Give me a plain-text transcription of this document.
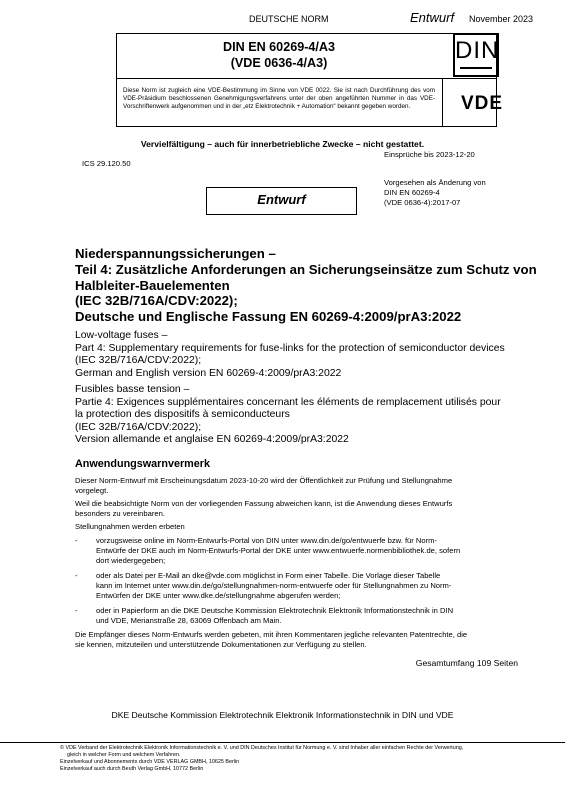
DEUTSCHE NORM	Entwurf November 2023
DIN EN 60269-4/A3
(VDE 0636-4/A3)	DIN
Diese Norm ist zugleich eine VDE-Bestimmung im Sinne von VDE 0022. Sie ist nach Durchführung des vom VDE-Präsidium beschlossenen Genehmigungsverfahrens unter der oben angeführten Nummer in das VDE-Vorschriftenwerk aufgenommen und in der „etz Elektrotechnik + Automation“ bekannt gegeben worden.	VDE
Vervielfältigung – auch für innerbetriebliche Zwecke – nicht gestattet.
ICS 29.120.50
Einsprüche bis 2023-12-20
Vorgesehen als Änderung von
DIN EN 60269-4
(VDE 0636-4):2017-07
Entwurf
Niederspannungssicherungen –
Teil 4: Zusätzliche Anforderungen an Sicherungseinsätze zum Schutz von
Halbleiter-Bauelementen
(IEC 32B/716A/CDV:2022);
Deutsche und Englische Fassung EN 60269-4:2009/prA3:2022
Low-voltage fuses –
Part 4: Supplementary requirements for fuse-links for the protection of semiconductor devices
(IEC 32B/716A/CDV:2022);
German and English version EN 60269-4:2009/prA3:2022
Fusibles basse tension –
Partie 4: Exigences supplémentaires concernant les éléments de remplacement utilisés pour
la protection des dispositifs à semiconducteurs
(IEC 32B/716A/CDV:2022);
Version allemande et anglaise EN 60269-4:2009/prA3:2022
Anwendungswarnvermerk
Dieser Norm-Entwurf mit Erscheinungsdatum 2023-10-20 wird der Öffentlichkeit zur Prüfung und Stellungnahme
vorgelegt.
Weil die beabsichtigte Norm von der vorliegenden Fassung abweichen kann, ist die Anwendung dieses Entwurfs
besonders zu vereinbaren.
Stellungnahmen werden erbeten
- vorzugsweise online im Norm-Entwurfs-Portal von DIN unter www.din.de/go/entwuerfe bzw. für Norm-
Entwürfe der DKE auch im Norm-Entwurfs-Portal der DKE unter www.entwuerfe.normenbibliothek.de, sofern
dort wiedergegeben;
- oder als Datei per E-Mail an dke@vde.com möglichst in Form einer Tabelle. Die Vorlage dieser Tabelle
kann im Internet unter www.din.de/go/stellungnahmen-norm-entwuerfe oder für Stellungnahmen zu Norm-
Entwürfen der DKE unter www.dke.de/stellungnahme abgerufen werden;
- oder in Papierform an die DKE Deutsche Kommission Elektrotechnik Elektronik Informationstechnik in DIN
und VDE, Merianstraße 28, 63069 Offenbach am Main.
Die Empfänger dieses Norm-Entwurfs werden gebeten, mit ihren Kommentaren jegliche relevanten Patentrechte, die
sie kennen, mitzuteilen und unterstützende Dokumentationen zur Verfügung zu stellen.
Gesamtumfang 109 Seiten
DKE Deutsche Kommission Elektrotechnik Elektronik Informationstechnik in DIN und VDE
© VDE Verband der Elektrotechnik Elektronik Informationstechnik e. V. und DIN Deutsches Institut für Normung e. V. sind Inhaber aller einfachen Rechte der Verwertung,
gleich in welcher Form und welchem Verfahren.
Einzelverkauf und Abonnements durch VDE VERLAG GMBH, 10625 Berlin
Einzelverkauf auch durch Beuth Verlag GmbH, 10772 Berlin
